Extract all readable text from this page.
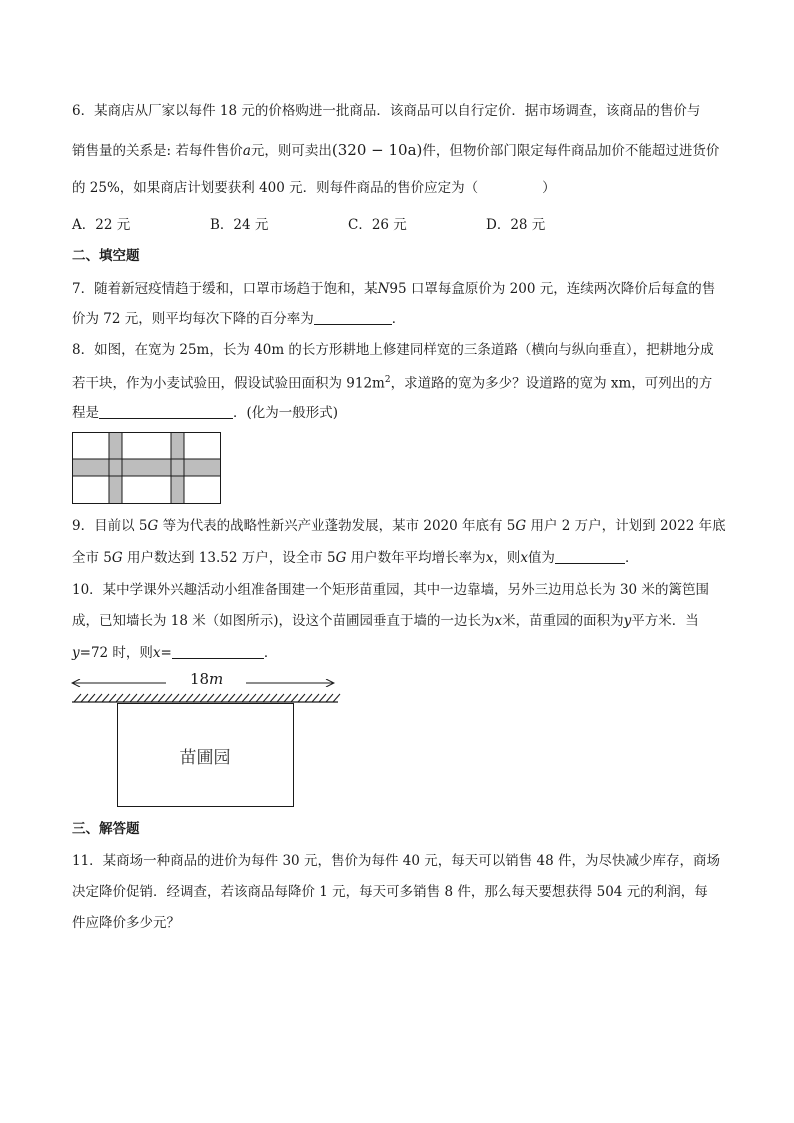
6．某商店从厂家以每件 18 元的价格购进一批商品．该商品可以自行定价．据市场调查，该商品的售价与
销售量的关系是: 若每件售价a元，则可卖出(320 − 10a)件，但物价部门限定每件商品加价不能超过进货价
的 25%，如果商店计划要获利 400 元．则每件商品的售价应定为（	）
A．22 元	B．24 元	C．26 元	D．28 元
二、填空题
7．随着新冠疫情趋于缓和，口罩市场趋于饱和，某N95 口罩每盒原价为 200 元，连续两次降价后每盒的售
价为 72 元，则平均每次下降的百分率为	．
8．如图，在宽为 25m，长为 40m 的长方形耕地上修建同样宽的三条道路（横向与纵向垂直），把耕地分成
若干块，作为小麦试验田，假设试验田面积为 $912m^2$，求道路的宽为多少？设道路的宽为 xm，可列出的方
程是	．(化为一般形式)
9．目前以 5G 等为代表的战略性新兴产业蓬勃发展，某市 2020 年底有 5G 用户 2 万户，计划到 2022 年底
全市 5G 用户数达到 13.52 万户，设全市 5G 用户数年平均增长率为x，则x值为	．
10．某中学课外兴趣活动小组准备围建一个矩形苗重园，其中一边靠墙，另外三边用总长为 30 米的篱笆围
成，已知墙长为 18 米（如图所示)，设这个苗圃园垂直于墙的一边长为x米，苗重园的面积为y平方米．当
y=72 时，则x=	．
18 m
苗圃园
三、解答题
11．某商场一种商品的进价为每件 30 元，售价为每件 40 元，每天可以销售 48 件，为尽快减少库存，商场
决定降价促销．经调查，若该商品每降价 1 元，每天可多销售 8 件，那么每天要想获得 504 元的利润，每
件应降价多少元？
